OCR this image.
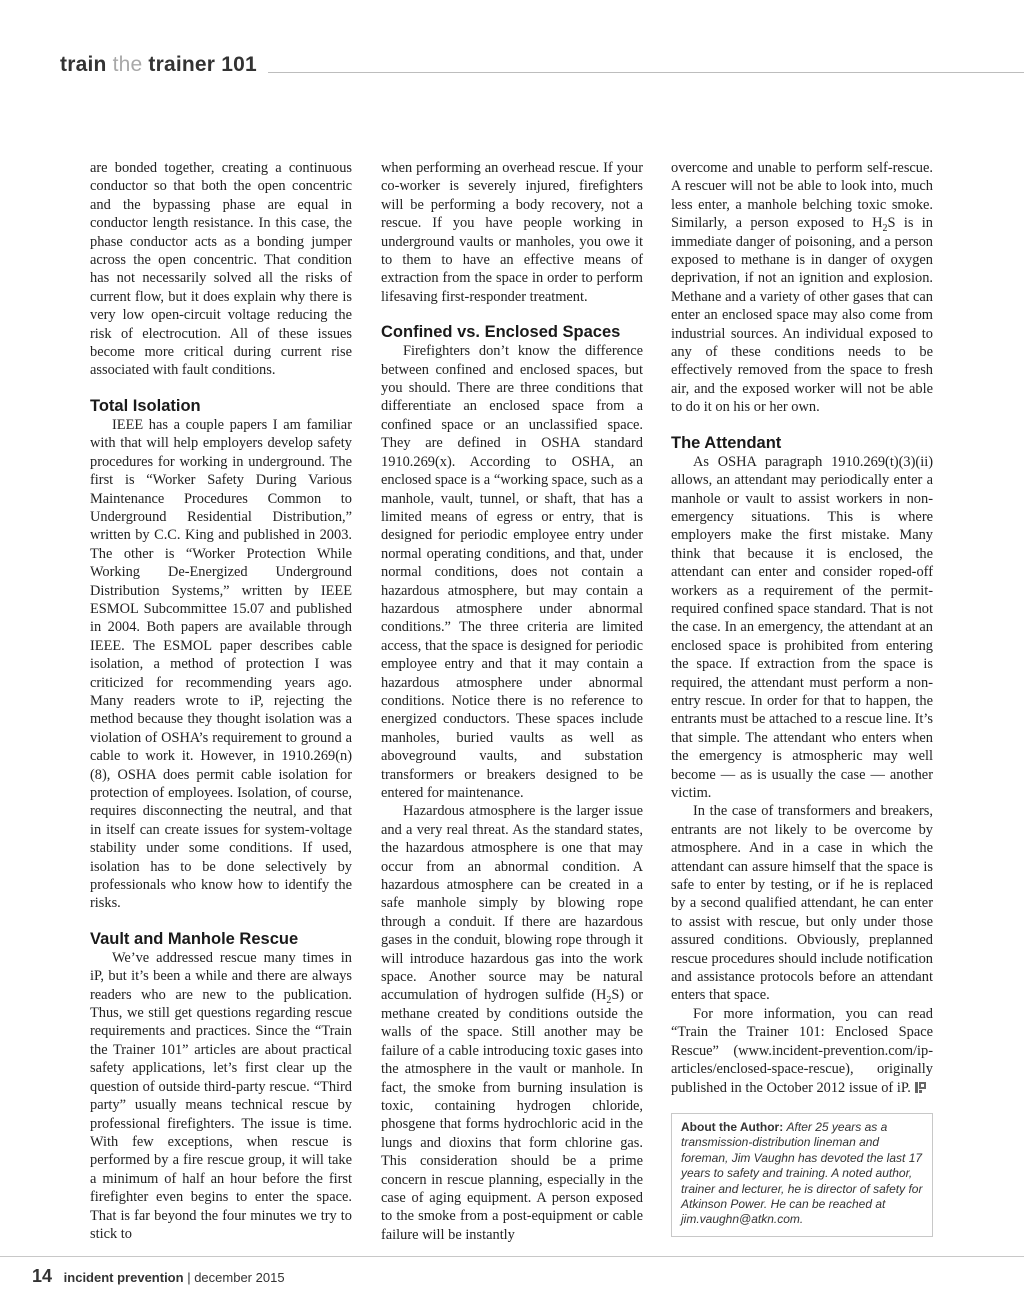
train the trainer 101

are bonded together, creating a continuous conductor so that both the open concentric and the bypassing phase are equal in conductor length resistance. In this case, the phase conductor acts as a bonding jumper across the open concentric. That condition has not necessarily solved all the risks of current flow, but it does explain why there is very low open-circuit voltage reducing the risk of electrocution. All of these issues become more critical during current rise associated with fault conditions.

Total Isolation

IEEE has a couple papers I am familiar with that will help employers develop safety procedures for working in underground. The first is “Worker Safety During Various Maintenance Procedures Common to Underground Residential Distribution,” written by C.C. King and published in 2003. The other is “Worker Protection While Working De-Energized Underground Distribution Systems,” written by IEEE ESMOL Subcommittee 15.07 and published in 2004. Both papers are available through IEEE. The ESMOL paper describes cable isolation, a method of protection I was criticized for recommending years ago. Many readers wrote to iP, rejecting the method because they thought isolation was a violation of OSHA’s requirement to ground a cable to work it. However, in 1910.269(n)(8), OSHA does permit cable isolation for protection of employees. Isolation, of course, requires disconnecting the neutral, and that in itself can create issues for system-voltage stability under some conditions. If used, isolation has to be done selectively by professionals who know how to identify the risks.

Vault and Manhole Rescue

We’ve addressed rescue many times in iP, but it’s been a while and there are always readers who are new to the publication. Thus, we still get questions regarding rescue requirements and practices. Since the “Train the Trainer 101” articles are about practical safety applications, let’s first clear up the question of outside third-party rescue. “Third party” usually means technical rescue by professional firefighters. The issue is time. With few exceptions, when rescue is performed by a fire rescue group, it will take a minimum of half an hour before the first firefighter even begins to enter the space. That is far beyond the four minutes we try to stick to

when performing an overhead rescue. If your co-worker is severely injured, firefighters will be performing a body recovery, not a rescue. If you have people working in underground vaults or manholes, you owe it to them to have an effective means of extraction from the space in order to perform lifesaving first-responder treatment.

Confined vs. Enclosed Spaces

Firefighters don’t know the difference between confined and enclosed spaces, but you should. There are three conditions that differentiate an enclosed space from a confined space or an unclassified space. They are defined in OSHA standard 1910.269(x). According to OSHA, an enclosed space is a “working space, such as a manhole, vault, tunnel, or shaft, that has a limited means of egress or entry, that is designed for periodic employee entry under normal operating conditions, and that, under normal conditions, does not contain a hazardous atmosphere, but may contain a hazardous atmosphere under abnormal conditions.” The three criteria are limited access, that the space is designed for periodic employee entry and that it may contain a hazardous atmosphere under abnormal conditions. Notice there is no reference to energized conductors. These spaces include manholes, buried vaults as well as aboveground vaults, and substation transformers or breakers designed to be entered for maintenance.

Hazardous atmosphere is the larger issue and a very real threat. As the standard states, the hazardous atmosphere is one that may occur from an abnormal condition. A hazardous atmosphere can be created in a safe manhole simply by blowing rope through a conduit. If there are hazardous gases in the conduit, blowing rope through it will introduce hazardous gas into the work space. Another source may be natural accumulation of hydrogen sulfide $(H_2S)$ or methane created by conditions outside the walls of the space. Still another may be failure of a cable introducing toxic gases into the atmosphere in the vault or manhole. In fact, the smoke from burning insulation is toxic, containing hydrogen chloride, phosgene that forms hydrochloric acid in the lungs and dioxins that form chlorine gas. This consideration should be a prime concern in rescue planning, especially in the case of aging equipment. A person exposed to the smoke from a post-equipment or cable failure will be instantly

overcome and unable to perform self-rescue. A rescuer will not be able to look into, much less enter, a manhole belching toxic smoke. Similarly, a person exposed to $H_2S$ is in immediate danger of poisoning, and a person exposed to methane is in danger of oxygen deprivation, if not an ignition and explosion. Methane and a variety of other gases that can enter an enclosed space may also come from industrial sources. An individual exposed to any of these conditions needs to be effectively removed from the space to fresh air, and the exposed worker will not be able to do it on his or her own.

The Attendant

As OSHA paragraph 1910.269(t)(3)(ii) allows, an attendant may periodically enter a manhole or vault to assist workers in non-emergency situations. This is where employers make the first mistake. Many think that because it is enclosed, the attendant can enter and consider roped-off workers as a requirement of the permit-required confined space standard. That is not the case. In an emergency, the attendant at an enclosed space is prohibited from entering the space. If extraction from the space is required, the attendant must perform a non-entry rescue. In order for that to happen, the entrants must be attached to a rescue line. It’s that simple. The attendant who enters when the emergency is atmospheric may well become — as is usually the case — another victim.

In the case of transformers and breakers, entrants are not likely to be overcome by atmosphere. And in a case in which the attendant can assure himself that the space is safe to enter by testing, or if he is replaced by a second qualified attendant, he can enter to assist with rescue, but only under those assured conditions. Obviously, preplanned rescue procedures should include notification and assistance protocols before an attendant enters that space.

For more information, you can read “Train the Trainer 101: Enclosed Space Rescue” (www.incident-prevention.com/ip-articles/enclosed-space-rescue), originally published in the October 2012 issue of iP.

About the Author: After 25 years as a transmission-distribution lineman and foreman, Jim Vaughn has devoted the last 17 years to safety and training. A noted author, trainer and lecturer, he is director of safety for Atkinson Power. He can be reached at jim.vaughn@atkn.com.
14 incident prevention | december 2015
